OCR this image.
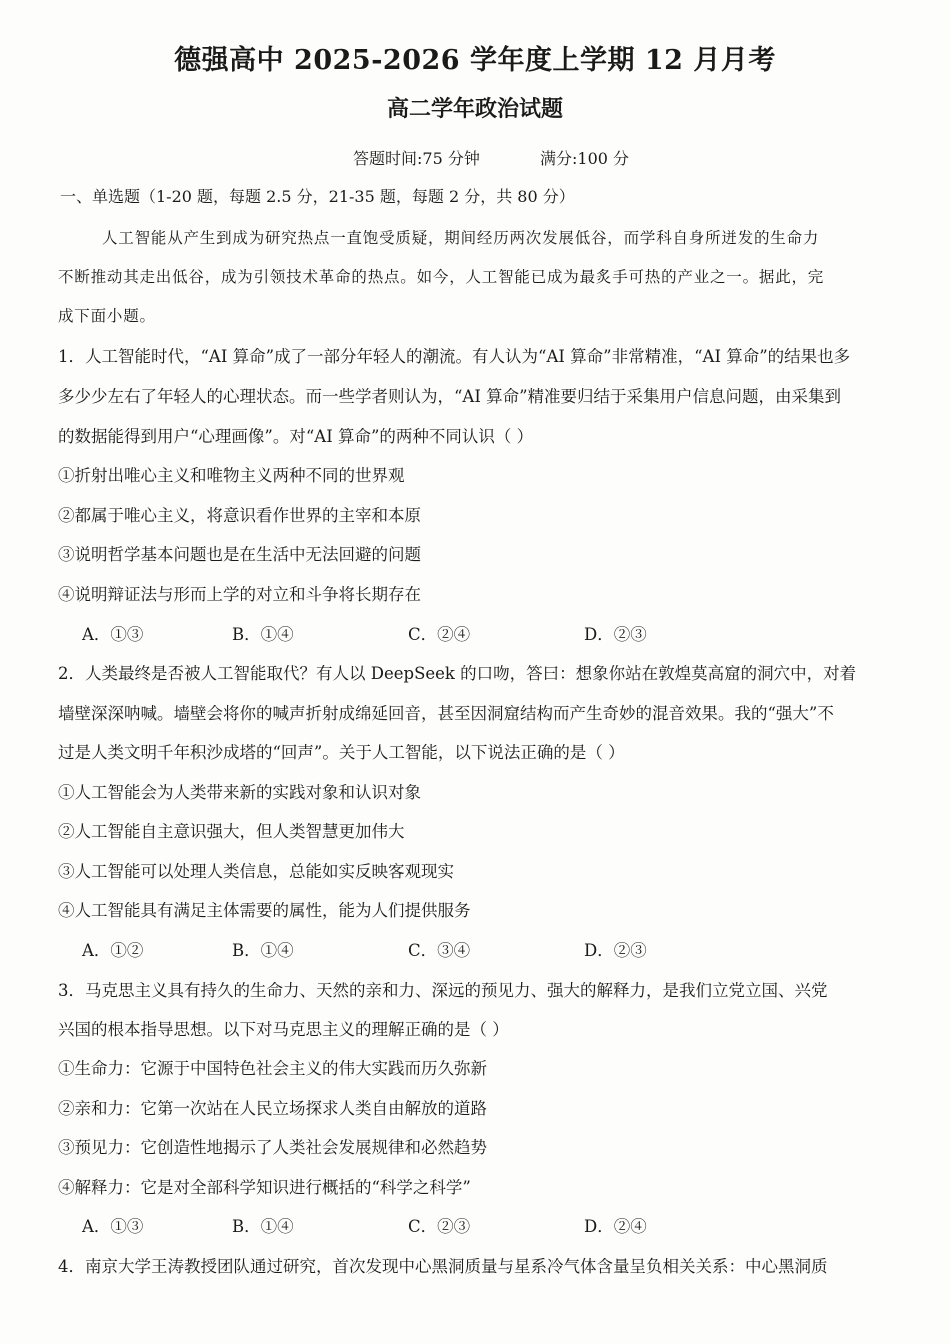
德强高中 2025-2026 学年度上学期 12 月月考
高二学年政治试题
答题时间:75 分钟	满分:100 分
一、单选题（1-20 题，每题 2.5 分，21-35 题，每题 2 分，共 80 分）
人工智能从产生到成为研究热点一直饱受质疑，期间经历两次发展低谷，而学科自身所迸发的生命力
不断推动其走出低谷，成为引领技术革命的热点。如今，人工智能已成为最炙手可热的产业之一。据此，完
成下面小题。
1．人工智能时代，“AI 算命”成了一部分年轻人的潮流。有人认为“AI 算命”非常精准，“AI 算命”的结果也多
多少少左右了年轻人的心理状态。而一些学者则认为，“AI 算命”精准要归结于采集用户信息问题，由采集到
的数据能得到用户“心理画像”。对“AI 算命”的两种不同认识（ ）
①折射出唯心主义和唯物主义两种不同的世界观
②都属于唯心主义，将意识看作世界的主宰和本原
③说明哲学基本问题也是在生活中无法回避的问题
④说明辩证法与形而上学的对立和斗争将长期存在
A．①③	B．①④	C．②④	D．②③
2．人类最终是否被人工智能取代？有人以 DeepSeek 的口吻，答曰：想象你站在敦煌莫高窟的洞穴中，对着
墙壁深深呐喊。墙壁会将你的喊声折射成绵延回音，甚至因洞窟结构而产生奇妙的混音效果。我的“强大”不
过是人类文明千年积沙成塔的“回声”。关于人工智能，以下说法正确的是（ ）
①人工智能会为人类带来新的实践对象和认识对象
②人工智能自主意识强大，但人类智慧更加伟大
③人工智能可以处理人类信息，总能如实反映客观现实
④人工智能具有满足主体需要的属性，能为人们提供服务
A．①②	B．①④	C．③④	D．②③
3．马克思主义具有持久的生命力、天然的亲和力、深远的预见力、强大的解释力，是我们立党立国、兴党
兴国的根本指导思想。以下对马克思主义的理解正确的是（ ）
①生命力：它源于中国特色社会主义的伟大实践而历久弥新
②亲和力：它第一次站在人民立场探求人类自由解放的道路
③预见力：它创造性地揭示了人类社会发展规律和必然趋势
④解释力：它是对全部科学知识进行概括的“科学之科学”
A．①③	B．①④	C．②③	D．②④
4．南京大学王涛教授团队通过研究，首次发现中心黑洞质量与星系冷气体含量呈负相关关系：中心黑洞质
